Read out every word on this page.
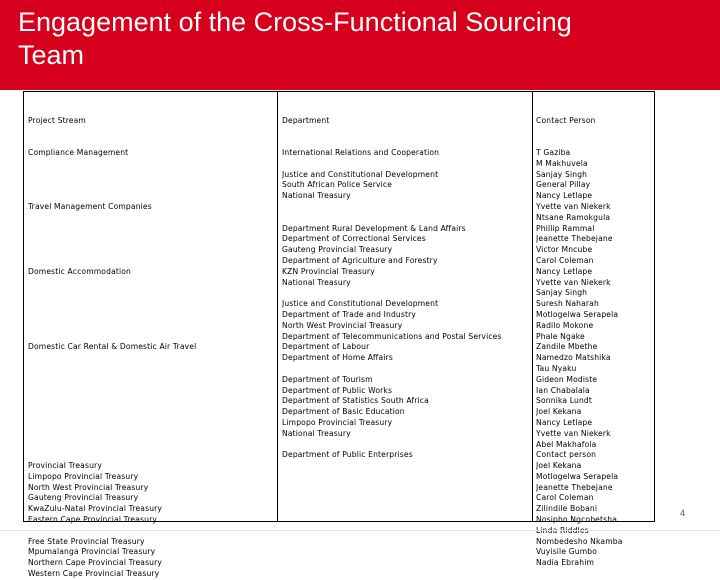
Engagement of the Cross-Functional Sourcing Team

Project Stream

Compliance Management
Travel Management Companies
Domestic Accommodation
Domestic Car Rental & Domestic Air Travel
Provincial Treasury
Limpopo Provincial Treasury
North West Provincial Treasury
Gauteng Provincial Treasury
KwaZulu-Natal Provincial Treasury
Eastern Cape Provincial Treasury
Free State Provincial Treasury
Mpumalanga Provincial Treasury
Northern Cape Provincial Treasury
Western Cape Provincial Treasury

Department

International Relations and Cooperation
Justice and Constitutional Development
South African Police Service
National Treasury
Department Rural Development & Land Affairs
Department of Correctional Services
Gauteng Provincial Treasury
Department of Agriculture and Forestry
KZN Provincial Treasury
National Treasury
Justice and Constitutional Development
Department of Trade and Industry
North West Provincial Treasury
Department of Telecommunications and Postal Services
Department of Labour
Department of Home Affairs
Department of Tourism
Department of Public Works
Department of Statistics South Africa
Department of Basic Education
Limpopo Provincial Treasury
National Treasury
Department of Public Enterprises

Contact Person

T Gaziba
M Makhuvela
Sanjay Singh
General Pillay
Nancy Letlape
Yvette van Niekerk
Ntsane Ramokgula
Phillip Rammal
Jeanette Thebejane
Victor Mncube
Carol Coleman
Nancy Letlape
Yvette van Niekerk
Sanjay Singh
Suresh Naharah
Motlogelwa Serapela
Radilo Mokone
Phale Ngake
Zandile Mbethe
Namedzo Matshika
Tau Nyaku
Gideon Modiste
Ian Chabalala
Sonnika Lundt
Joel Kekana
Nancy Letlape
Yvette van Niekerk
Abel Makhafola
Contact person
Joel Kekana
Motlogelwa Serapela
Jeanette Thebejane
Carol Coleman
Zilindile Bobani
Nosipho Ngcobetsha
Nombedesho Nkamba
Vuyisile Gumbo
Nadia Ebrahim
4
